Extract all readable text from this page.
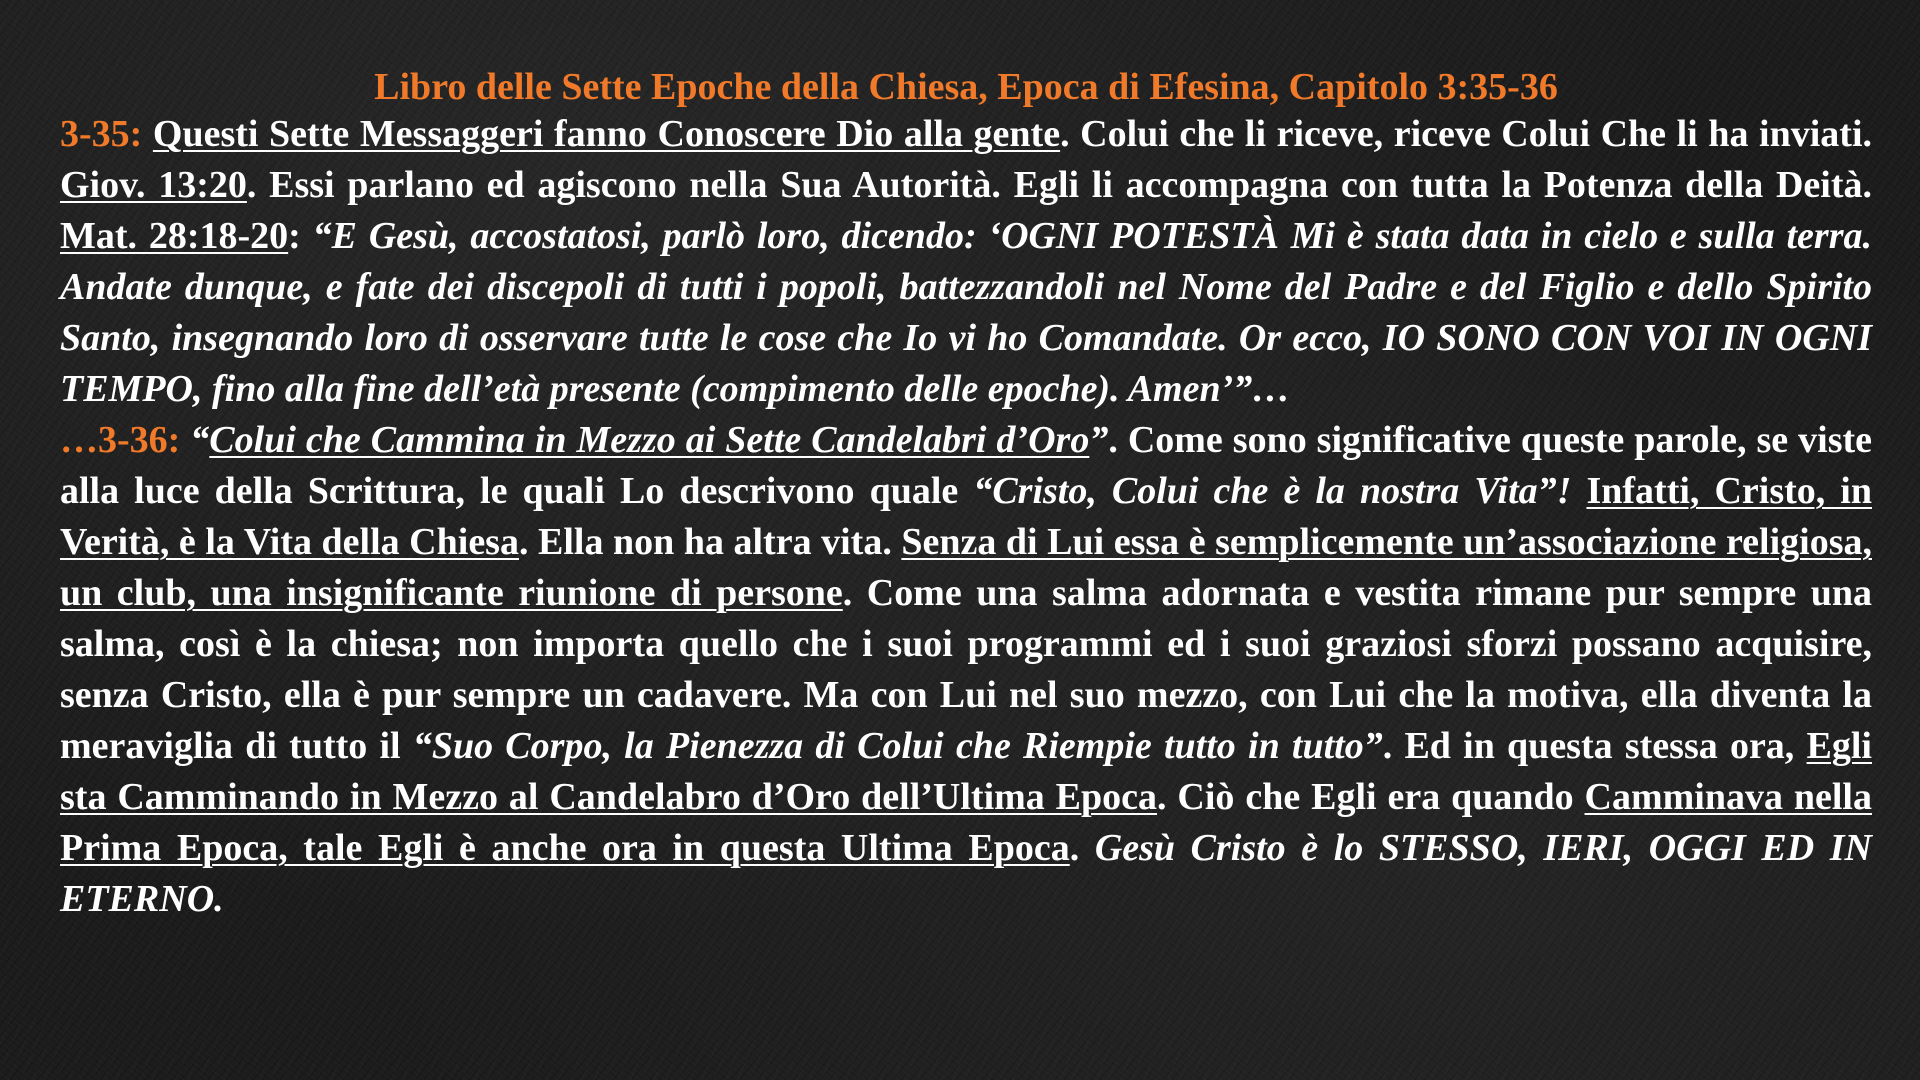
Libro delle Sette Epoche della Chiesa, Epoca di Efesina, Capitolo 3:35-36

3-35: Questi Sette Messaggeri fanno Conoscere Dio alla gente. Colui che li riceve, riceve Colui Che li ha inviati. Giov. 13:20. Essi parlano ed agiscono nella Sua Autorità. Egli li accompagna con tutta la Potenza della Deità. Mat. 28:18-20: “E Gesù, accostatosi, parlò loro, dicendo: ‘OGNI POTESTÀ Mi è stata data in cielo e sulla terra. Andate dunque, e fate dei discepoli di tutti i popoli, battezzandoli nel Nome del Padre e del Figlio e dello Spirito Santo, insegnando loro di osservare tutte le cose che Io vi ho Comandate. Or ecco, IO SONO CON VOI IN OGNI TEMPO, fino alla fine dell’età presente (compimento delle epoche). Amen’”…

…3-36: “Colui che Cammina in Mezzo ai Sette Candelabri d’Oro”. Come sono significative queste parole, se viste alla luce della Scrittura, le quali Lo descrivono quale “Cristo, Colui che è la nostra Vita”! Infatti, Cristo, in Verità, è la Vita della Chiesa. Ella non ha altra vita. Senza di Lui essa è semplicemente un’associazione religiosa, un club, una insignificante riunione di persone. Come una salma adornata e vestita rimane pur sempre una salma, così è la chiesa; non importa quello che i suoi programmi ed i suoi graziosi sforzi possano acquisire, senza Cristo, ella è pur sempre un cadavere. Ma con Lui nel suo mezzo, con Lui che la motiva, ella diventa la meraviglia di tutto il “Suo Corpo, la Pienezza di Colui che Riempie tutto in tutto”. Ed in questa stessa ora, Egli sta Camminando in Mezzo al Candelabro d’Oro dell’Ultima Epoca. Ciò che Egli era quando Camminava nella Prima Epoca, tale Egli è anche ora in questa Ultima Epoca. Gesù Cristo è lo STESSO, IERI, OGGI ED IN ETERNO.
